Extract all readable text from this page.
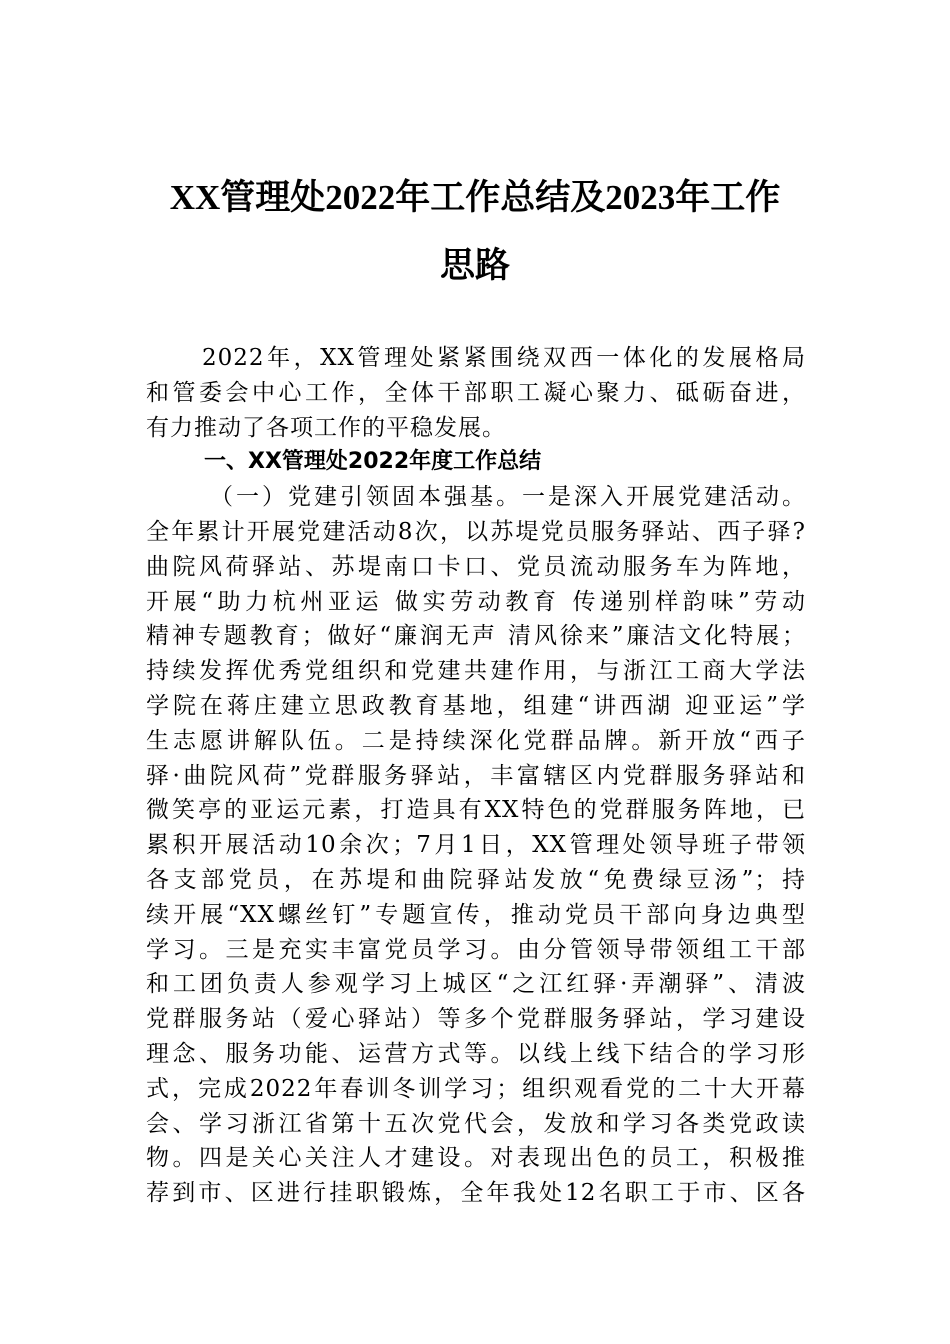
XX管理处2022年工作总结及2023年工作
思路
2022年，XX管理处紧紧围绕双西一体化的发展格局
和管委会中心工作，全体干部职工凝心聚力、砥砺奋进，
有力推动了各项工作的平稳发展。
一、XX管理处2022年度工作总结
（一）党建引领固本强基。一是深入开展党建活动。
全年累计开展党建活动8次，以苏堤党员服务驿站、西子驿?
曲院风荷驿站、苏堤南口卡口、党员流动服务车为阵地，
开展“助力杭州亚运 做实劳动教育 传递别样韵味”劳动
精神专题教育；做好“廉润无声 清风徐来”廉洁文化特展；
持续发挥优秀党组织和党建共建作用，与浙江工商大学法
学院在蒋庄建立思政教育基地，组建“讲西湖 迎亚运”学
生志愿讲解队伍。二是持续深化党群品牌。新开放“西子
驿·曲院风荷”党群服务驿站，丰富辖区内党群服务驿站和
微笑亭的亚运元素，打造具有XX特色的党群服务阵地，已
累积开展活动10余次；7月1日，XX管理处领导班子带领
各支部党员，在苏堤和曲院驿站发放“免费绿豆汤”；持
续开展“XX螺丝钉”专题宣传，推动党员干部向身边典型
学习。三是充实丰富党员学习。由分管领导带领组工干部
和工团负责人参观学习上城区“之江红驿·弄潮驿”、清波
党群服务站（爱心驿站）等多个党群服务驿站，学习建设
理念、服务功能、运营方式等。以线上线下结合的学习形
式，完成2022年春训冬训学习；组织观看党的二十大开幕
会、学习浙江省第十五次党代会，发放和学习各类党政读
物。四是关心关注人才建设。对表现出色的员工，积极推
荐到市、区进行挂职锻炼，全年我处12名职工于市、区各
